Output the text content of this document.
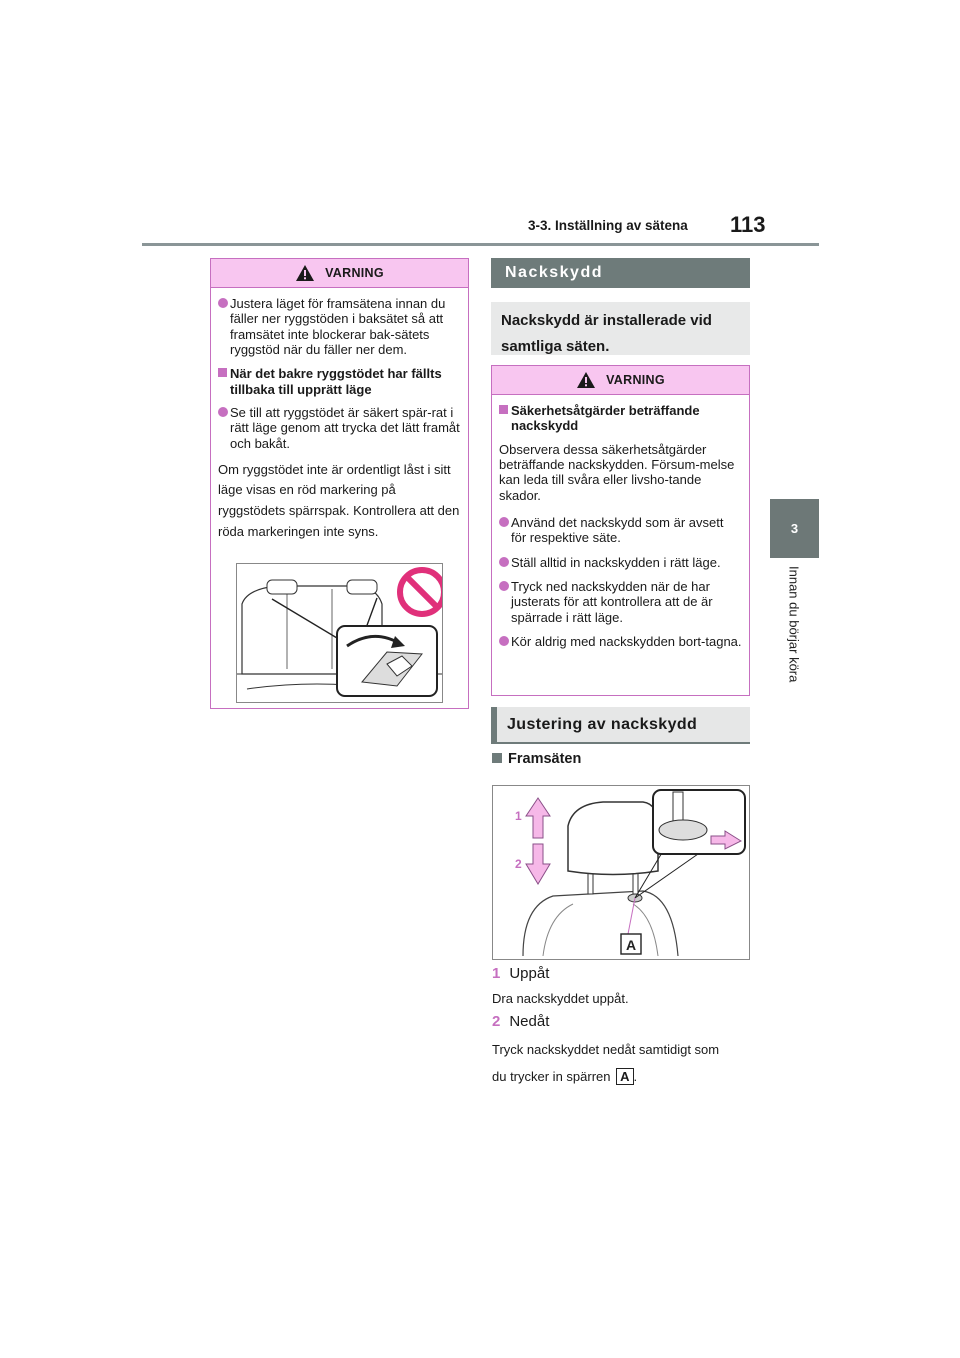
3-3. Inställning av sätena 113
3
Innan du börjar köra
VARNING
Justera läget för framsätena innan du fäller ner ryggstöden i baksätet så att framsätet inte blockerar bak-sätets ryggstöd när du fäller ner dem.
När det bakre ryggstödet har fällts tillbaka till upprätt läge
Se till att ryggstödet är säkert spär-rat i rätt läge genom att trycka det lätt framåt och bakåt.
Om ryggstödet inte är ordentligt låst i sitt läge visas en röd markering på ryggstödets spärrspak. Kontrollera att den röda markeringen inte syns.
Nackskydd
Nackskydd är installerade vid samtliga säten.
VARNING
Säkerhetsåtgärder beträffande nackskydd
Observera dessa säkerhetsåtgärder beträffande nackskydden. Försum-melse kan leda till svåra eller livsho-tande skador.
Använd det nackskydd som är avsett för respektive säte.
Ställ alltid in nackskydden i rätt läge.
Tryck ned nackskydden när de har justerats för att kontrollera att de är spärrade i rätt läge.
Kör aldrig med nackskydden bort-tagna.
Justering av nackskydd
Framsäten
1
2
A
1 Uppåt
Dra nackskyddet uppåt.
2 Nedåt
Tryck nackskyddet nedåt samtidigt som
du trycker in spärren A .
